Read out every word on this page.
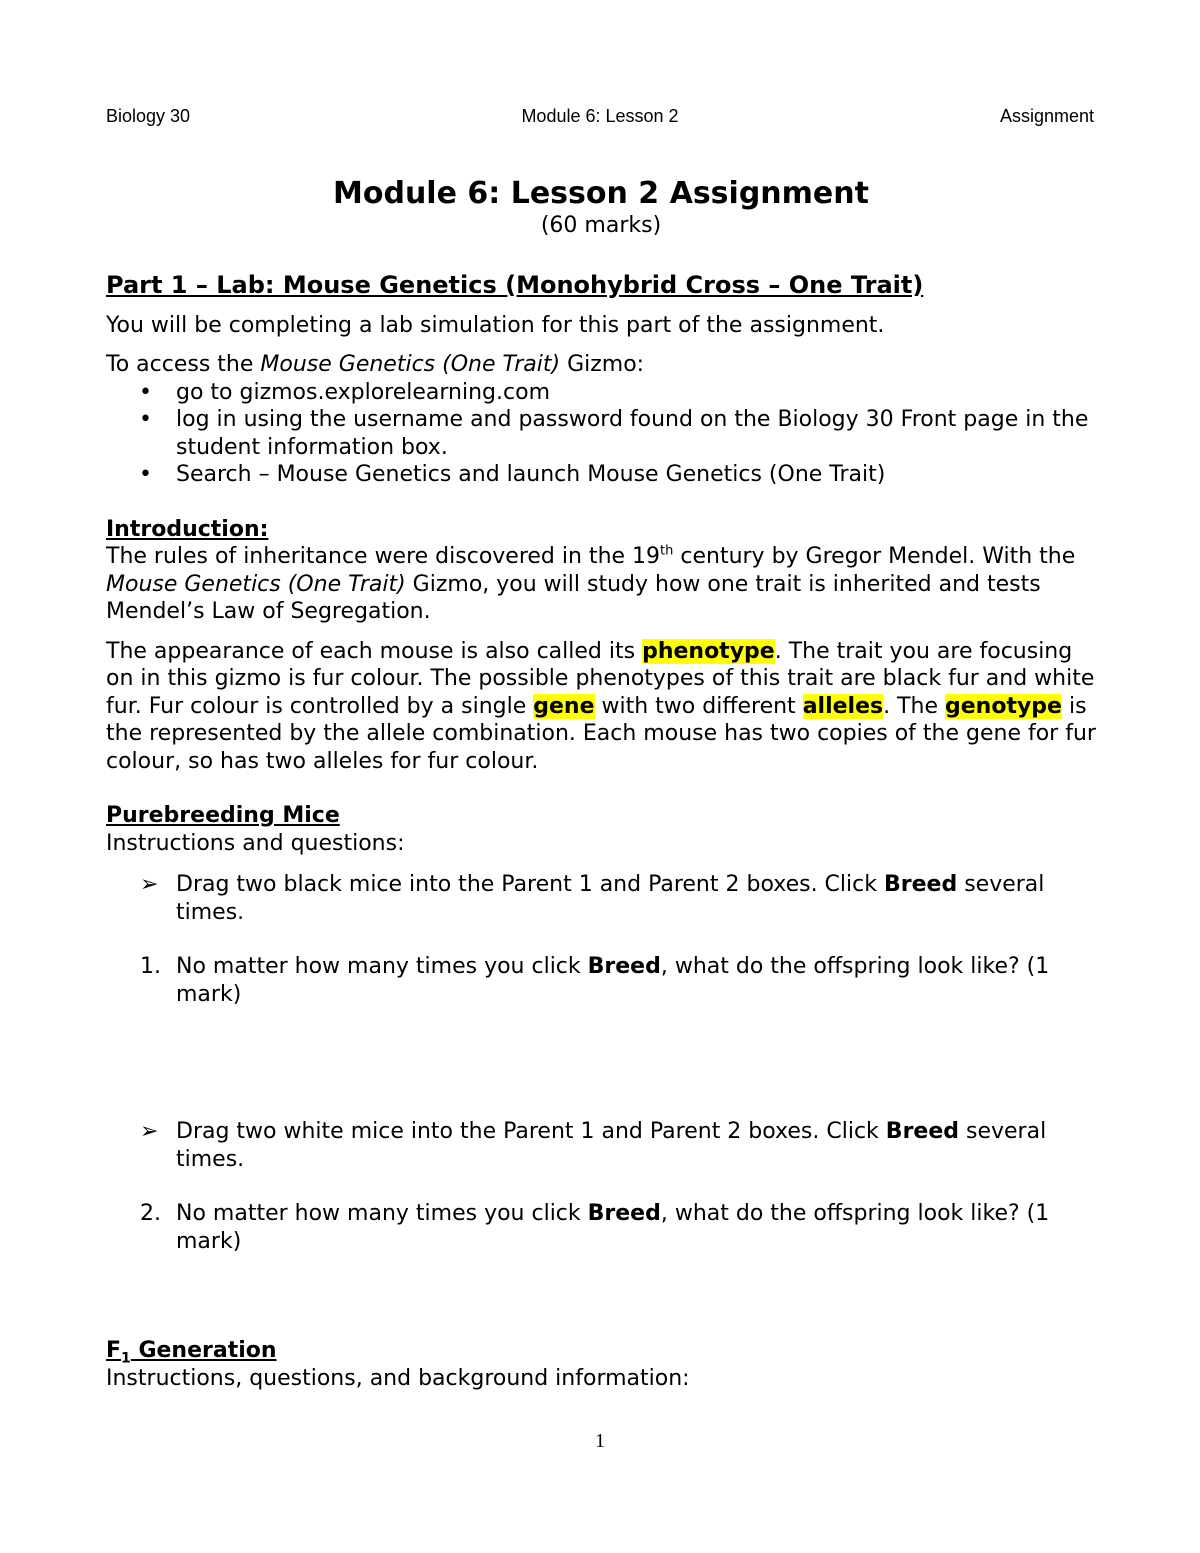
Biology 30	Module 6: Lesson 2	Assignment
Module 6: Lesson 2 Assignment

(60 marks)

Part 1 – Lab: Mouse Genetics (Monohybrid Cross – One Trait)

You will be completing a lab simulation for this part of the assignment.

To access the Mouse Genetics (One Trait) Gizmo:

• go to gizmos.explorelearning.com
• log in using the username and password found on the Biology 30 Front page in the student information box.
• Search – Mouse Genetics and launch Mouse Genetics (One Trait)

Introduction:

The rules of inheritance were discovered in the 19th century by Gregor Mendel. With the Mouse Genetics (One Trait) Gizmo, you will study how one trait is inherited and tests Mendel’s Law of Segregation.

The appearance of each mouse is also called its phenotype. The trait you are focusing on in this gizmo is fur colour. The possible phenotypes of this trait are black fur and white fur. Fur colour is controlled by a single gene with two different alleles. The genotype is the represented by the allele combination. Each mouse has two copies of the gene for fur colour, so has two alleles for fur colour.

Purebreeding Mice

Instructions and questions:

➢ Drag two black mice into the Parent 1 and Parent 2 boxes. Click Breed several times.
1. No matter how many times you click Breed, what do the offspring look like? (1 mark)
➢ Drag two white mice into the Parent 1 and Parent 2 boxes. Click Breed several times.
2. No matter how many times you click Breed, what do the offspring look like? (1 mark)

$F_1$ Generation

Instructions, questions, and background information:

1
